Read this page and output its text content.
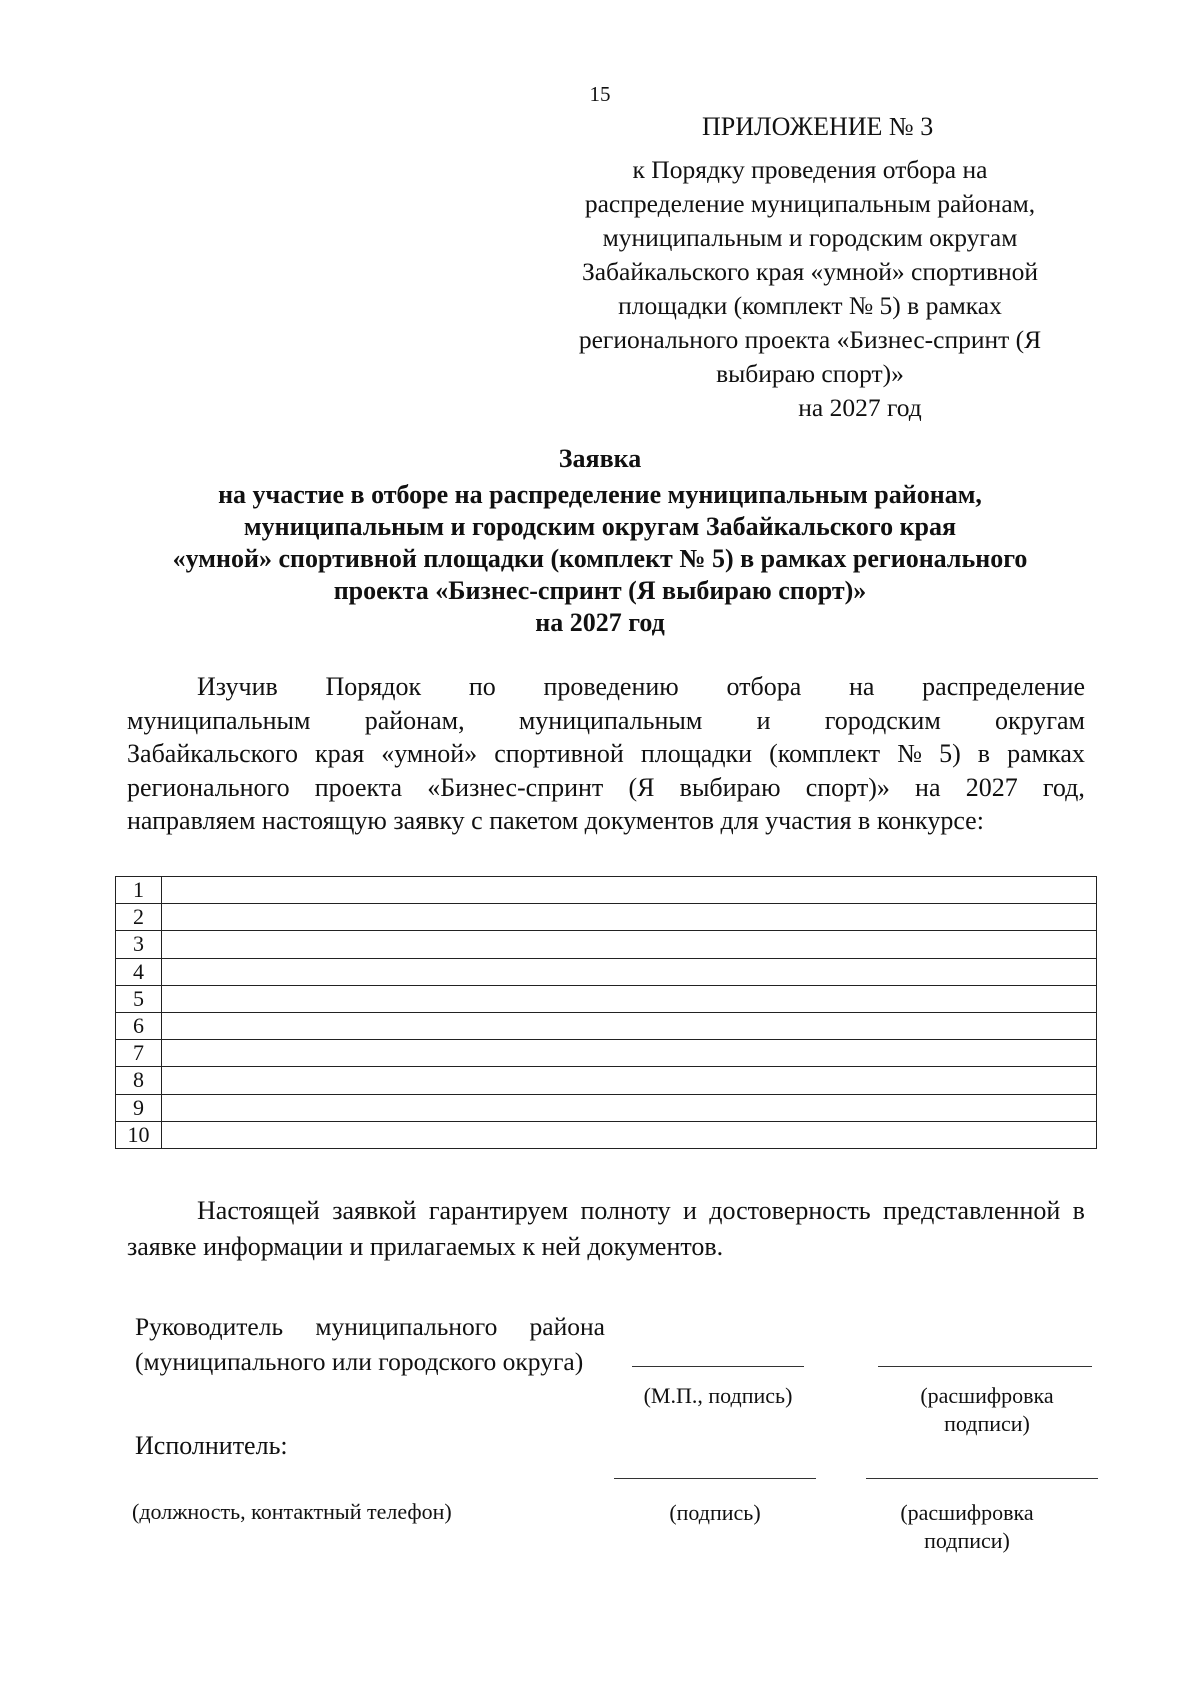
15
ПРИЛОЖЕНИЕ № 3
к Порядку проведения отбора на
распределение муниципальным районам,
муниципальным и городским округам
Забайкальского края «умной» спортивной
площадки (комплект № 5) в рамках
регионального проекта «Бизнес-спринт (Я
выбираю спорт)»
на 2027 год
Заявка
на участие в отборе на распределение муниципальным районам,
муниципальным и городским округам Забайкальского края
«умной» спортивной площадки (комплект № 5) в рамках регионального
проекта «Бизнес-спринт (Я выбираю спорт)»
на 2027 год
Изучив Порядок по проведению отбора на распределение
муниципальным районам, муниципальным и городским округам
Забайкальского края «умной» спортивной площадки (комплект № 5) в рамках
регионального проекта «Бизнес-спринт (Я выбираю спорт)» на 2027 год,
направляем настоящую заявку с пакетом документов для участия в конкурсе:
1	
2	
3	
4	
5	
6	
7	
8	
9	
10	
Настоящей заявкой гарантируем полноту и достоверность представленной в
заявке информации и прилагаемых к ней документов.
Руководитель муниципального района
(муниципального или городского округа)
(М.П., подпись)	(расшифровка
подписи)
Исполнитель:
(должность, контактный телефон)	(подпись)	(расшифровка
подписи)
